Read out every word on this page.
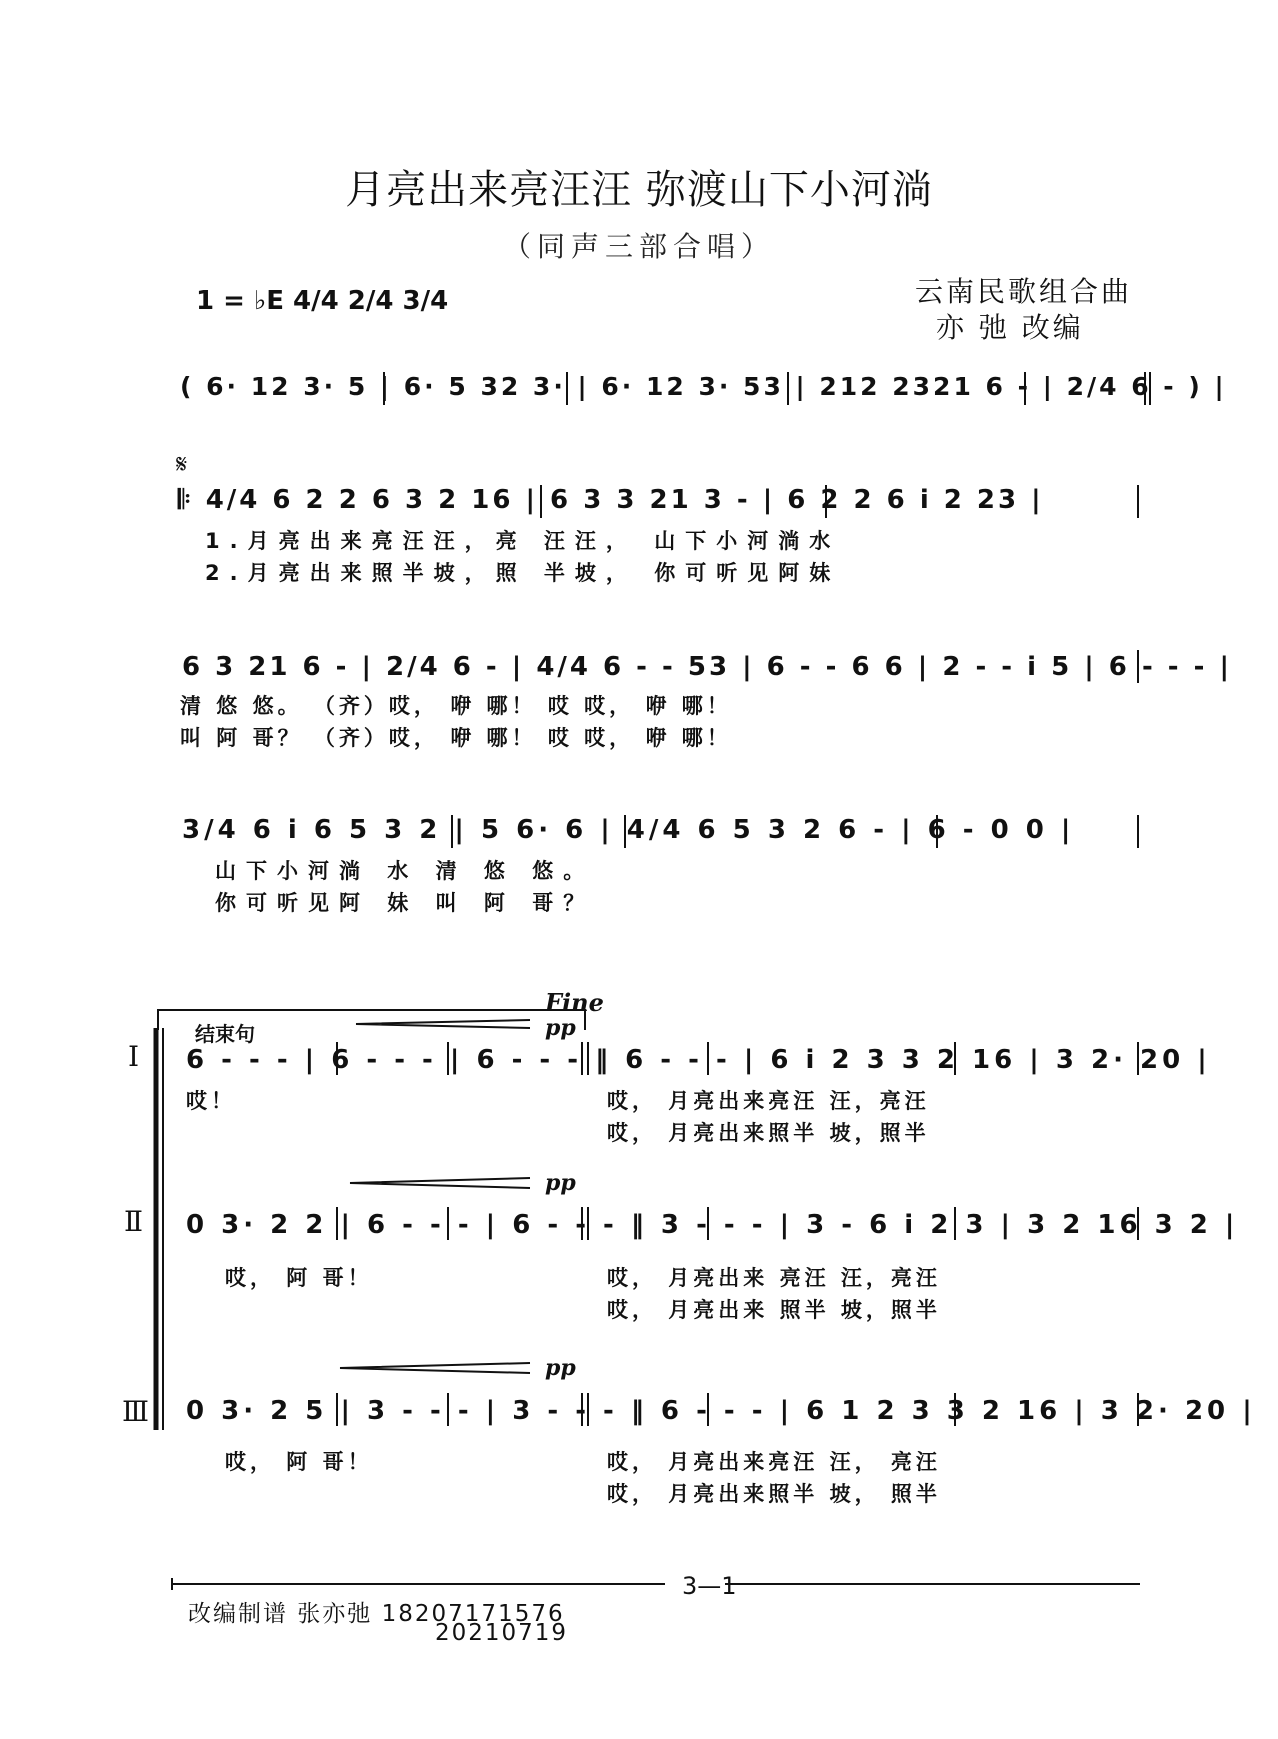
月亮出来亮汪汪 弥渡山下小河淌
（同声三部合唱）
1 = ♭E 4/4 2/4 3/4	云南民歌组合曲
亦 弛 改编
( 6· 12 3· 5 | 6· 5 32 3· | 6· 12 3· 53 | 212 2321 6 - | 2/4 6 - ) |
𝄋
𝄆 4/4 6 2 2 6 3 2 16 | 6 3 3 21 3 - | 6 2 2 6 i 2 23 |
1.月亮出来亮汪汪，亮 汪汪， 山下小河淌水
2.月亮出来照半坡，照 半坡， 你可听见阿妹
6 3 21 6 - | 2/4 6 - | 4/4 6 - - 53 | 6 - - 6 6 | 2 - - i 5 | 6 - - - |
清 悠 悠。 （齐）哎， 咿 哪！ 哎 哎， 咿 哪！
叫 阿 哥？ （齐）哎， 咿 哪！ 哎 哎， 咿 哪！
3/4 6 i 6 5 3 2 | 5 6· 6 | 4/4 6 5 3 2 6 - | 6 - 0 0 |
山下小河淌 水 清 悠 悠。
你可听见阿 妹 叫 阿 哥？
Fine
结束句	pp
pp
pp
Ⅰ
Ⅱ
Ⅲ
6 - - - | 6 - - - | 6 - - - ‖ 6 - - - | 6 i 2 3 3 2 16 | 3 2· 20 |
哎！	哎， 月亮出来亮汪 汪，亮汪
哎， 月亮出来照半 坡，照半
0 3· 2 2 | 6 - - - | 6 - - - ‖ 3 - - - | 3 - 6 i 2 3 | 3 2 16 3 2 |
哎， 阿 哥！	哎， 月亮出来 亮汪 汪，亮汪
哎， 月亮出来 照半 坡，照半
0 3· 2 5 | 3 - - - | 3 - - - ‖ 6 - - - | 6 1 2 3 3 2 16 | 3 2· 20 |
哎， 阿 哥！	哎， 月亮出来亮汪 汪， 亮汪
哎， 月亮出来照半 坡， 照半
3—1
改编制谱 张亦弛 18207171576
20210719
